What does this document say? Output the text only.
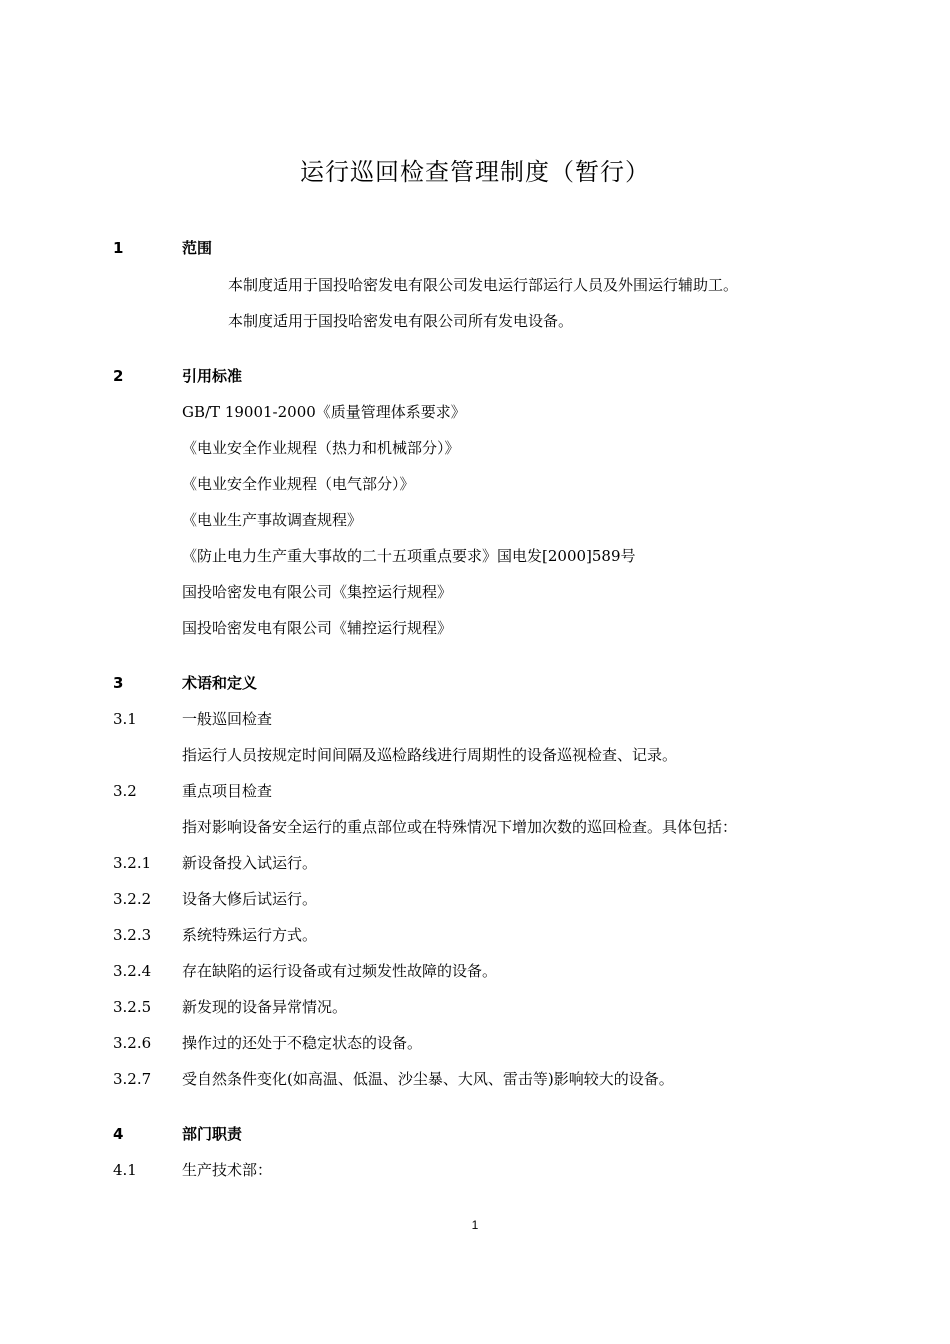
运行巡回检查管理制度（暂行）
1	范围
本制度适用于国投哈密发电有限公司发电运行部运行人员及外围运行辅助工。
本制度适用于国投哈密发电有限公司所有发电设备。
2	引用标准
GB/T 19001-2000《质量管理体系要求》
《电业安全作业规程（热力和机械部分）》
《电业安全作业规程（电气部分）》
《电业生产事故调查规程》
《防止电力生产重大事故的二十五项重点要求》国电发[2000]589号
国投哈密发电有限公司《集控运行规程》
国投哈密发电有限公司《辅控运行规程》
3	术语和定义
3.1	一般巡回检查
指运行人员按规定时间间隔及巡检路线进行周期性的设备巡视检查、记录。
3.2	重点项目检查
指对影响设备安全运行的重点部位或在特殊情况下增加次数的巡回检查。具体包括：
3.2.1 新设备投入试运行。
3.2.2 设备大修后试运行。
3.2.3 系统特殊运行方式。
3.2.4 存在缺陷的运行设备或有过频发性故障的设备。
3.2.5 新发现的设备异常情况。
3.2.6 操作过的还处于不稳定状态的设备。
3.2.7 受自然条件变化(如高温、低温、沙尘暴、大风、雷击等)影响较大的设备。
4	部门职责
4.1	生产技术部：
1
